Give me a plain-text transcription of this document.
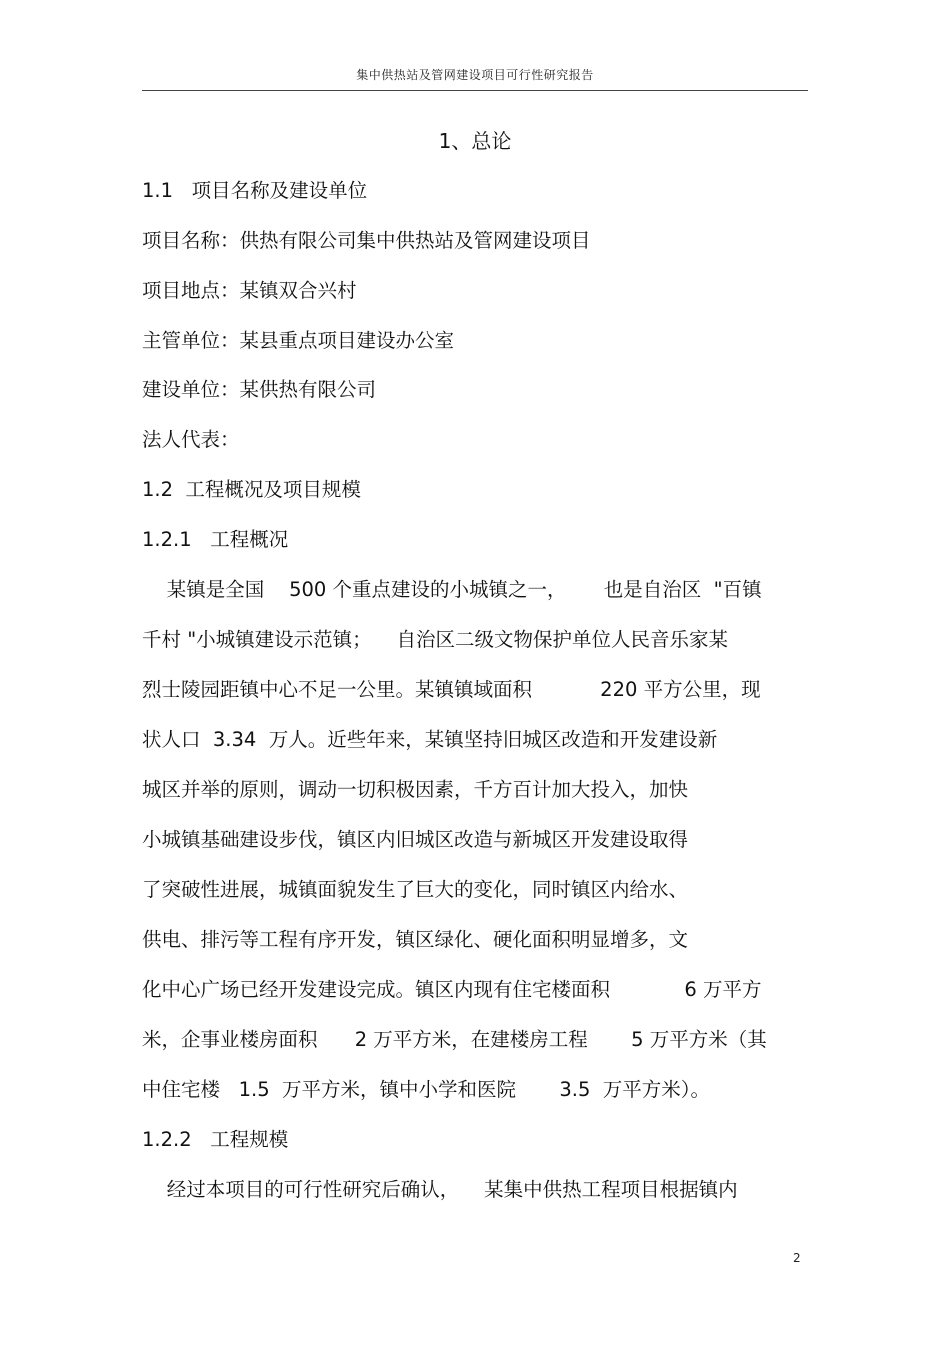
集中供热站及管网建设项目可行性研究报告
1、总论
1.1   项目名称及建设单位
项目名称：供热有限公司集中供热站及管网建设项目
项目地点：某镇双合兴村
主管单位：某县重点项目建设办公室
建设单位：某供热有限公司
法人代表：
1.2  工程概况及项目规模
1.2.1   工程概况
某镇是全国    500 个重点建设的小城镇之一，      也是自治区  "百镇
千村 "小城镇建设示范镇；    自治区二级文物保护单位人民音乐家某
烈士陵园距镇中心不足一公里。某镇镇域面积           220 平方公里，现
状人口  3.34  万人。近些年来，某镇坚持旧城区改造和开发建设新
城区并举的原则，调动一切积极因素，千方百计加大投入，加快
小城镇基础建设步伐，镇区内旧城区改造与新城区开发建设取得
了突破性进展，城镇面貌发生了巨大的变化，同时镇区内给水、
供电、排污等工程有序开发，镇区绿化、硬化面积明显增多，文
化中心广场已经开发建设完成。镇区内现有住宅楼面积            6 万平方
米，企事业楼房面积      2 万平方米，在建楼房工程       5 万平方米（其
中住宅楼   1.5  万平方米，镇中小学和医院       3.5  万平方米）。
1.2.2   工程规模
经过本项目的可行性研究后确认，    某集中供热工程项目根据镇内
2
